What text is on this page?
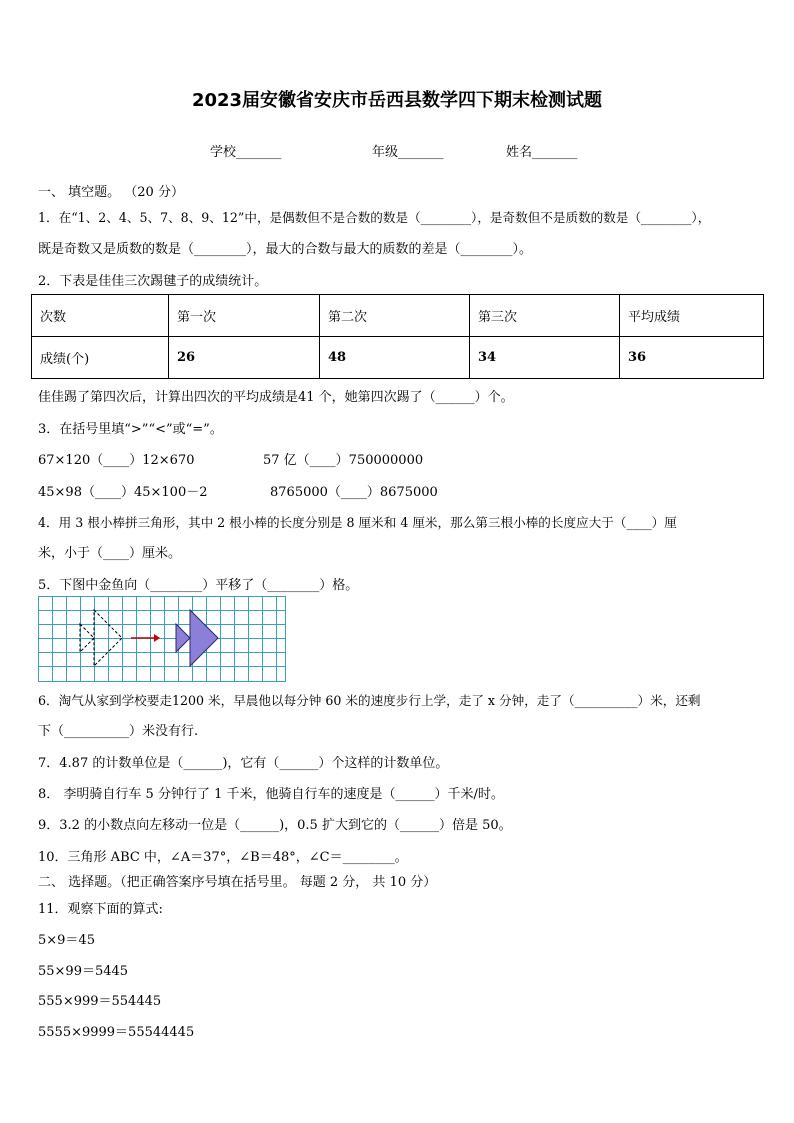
2023届安徽省安庆市岳西县数学四下期末检测试题
学校_______	年级_______	姓名_______
一、 填空题。 （20 分）
1．在“1、2、4、5、7、8、9、12”中，是偶数但不是合数的数是（________），是奇数但不是质数的数是（________），
既是奇数又是质数的数是（________），最大的合数与最大的质数的差是（________）。
2．下表是佳佳三次踢毽子的成绩统计。
次数	第一次	第二次	第三次	平均成绩
成绩(个)	26	48	34	36
佳佳踢了第四次后，计算出四次的平均成绩是41 个，她第四次踢了（______）个。
3．在括号里填“>”“<”或“=”。
67×120（____）12×670	57 亿（____）750000000
45×98（____）45×100－2	8765000（____）8675000
4．用 3 根小棒拼三角形，其中 2 根小棒的长度分别是 8 厘米和 4 厘米，那么第三根小棒的长度应大于（____）厘
米，小于（____）厘米。
5．下图中金鱼向（________）平移了（________）格。
6．淘气从家到学校要走1200 米，早晨他以每分钟 60 米的速度步行上学，走了 x 分钟，走了（__________）米，还剩
下（__________）米没有行.
7．4.87 的计数单位是（______)，它有（______）个这样的计数单位。
8． 李明骑自行车 5 分钟行了 1 千米，他骑自行车的速度是（______）千米/时。
9．3.2 的小数点向左移动一位是（______)，0.5 扩大到它的（______）倍是 50。
10．三角形 ABC 中，∠A＝37°，∠B＝48°，∠C＝________。
二、 选择题。（把正确答案序号填在括号里。 每题 2 分， 共 10 分）
11．观察下面的算式:
5×9＝45
55×99＝5445
555×999＝554445
5555×9999＝55544445
